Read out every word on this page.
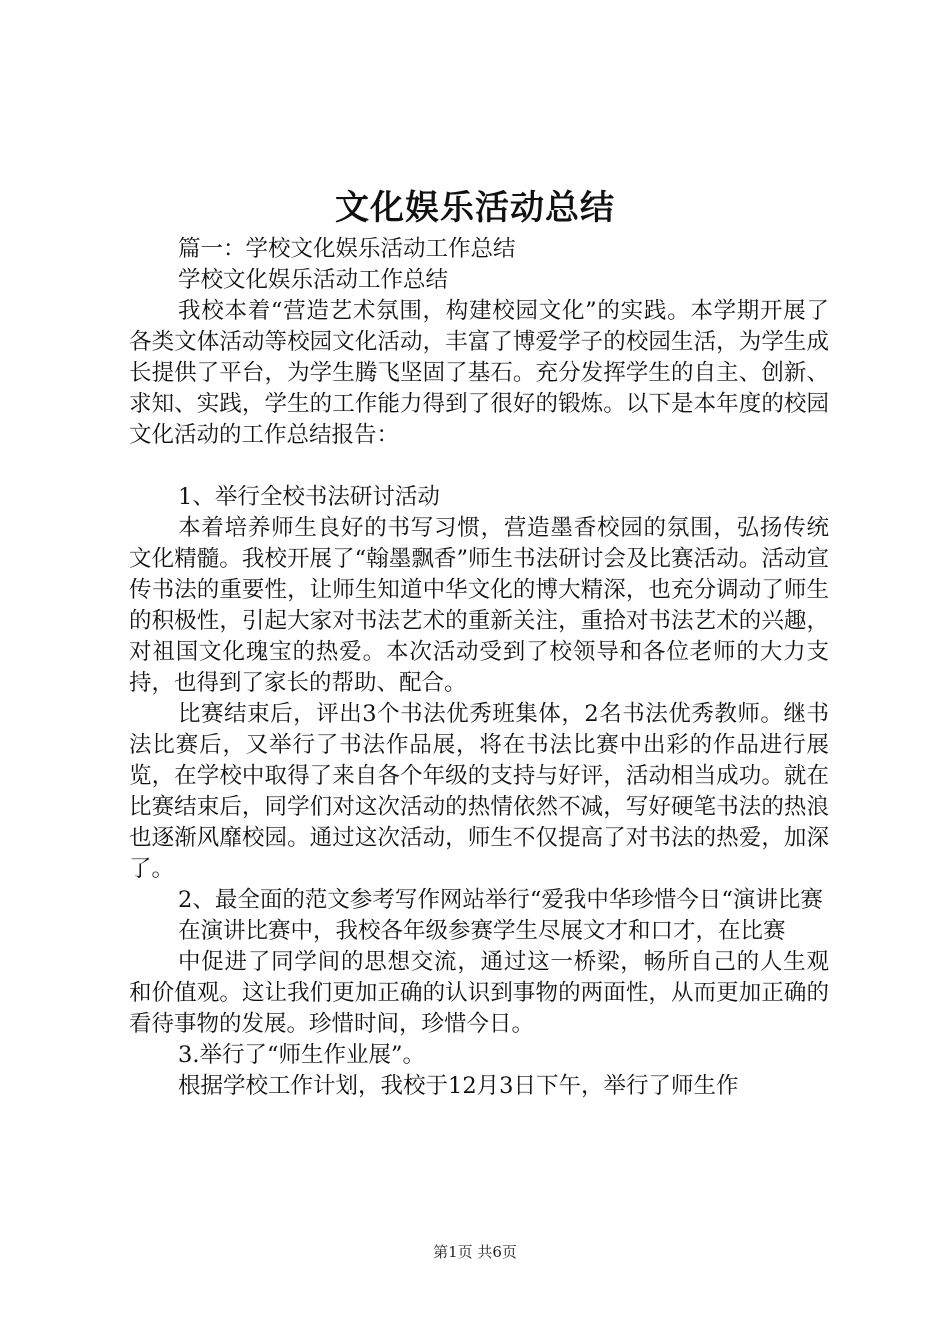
文化娱乐活动总结

篇一：学校文化娱乐活动工作总结

学校文化娱乐活动工作总结

我校本着“营造艺术氛围，构建校园文化”的实践。本学期开展了各类文体活动等校园文化活动，丰富了博爱学子的校园生活，为学生成长提供了平台，为学生腾飞坚固了基石。充分发挥学生的自主、创新、求知、实践，学生的工作能力得到了很好的锻炼。以下是本年度的校园文化活动的工作总结报告：

1、举行全校书法研讨活动

本着培养师生良好的书写习惯，营造墨香校园的氛围，弘扬传统文化精髓。我校开展了“翰墨飘香”师生书法研讨会及比赛活动。活动宣传书法的重要性，让师生知道中华文化的博大精深，也充分调动了师生的积极性，引起大家对书法艺术的重新关注，重拾对书法艺术的兴趣，对祖国文化瑰宝的热爱。本次活动受到了校领导和各位老师的大力支持，也得到了家长的帮助、配合。

比赛结束后，评出3个书法优秀班集体，2名书法优秀教师。继书法比赛后，又举行了书法作品展，将在书法比赛中出彩的作品进行展览，在学校中取得了来自各个年级的支持与好评，活动相当成功。就在比赛结束后，同学们对这次活动的热情依然不减，写好硬笔书法的热浪也逐渐风靡校园。通过这次活动，师生不仅提高了对书法的热爱，加深了。

2、最全面的范文参考写作网站举行“爱我中华珍惜今日“演讲比赛

在演讲比赛中，我校各年级参赛学生尽展文才和口才，在比赛

中促进了同学间的思想交流，通过这一桥梁，畅所自己的人生观和价值观。这让我们更加正确的认识到事物的两面性，从而更加正确的看待事物的发展。珍惜时间，珍惜今日。

3.举行了“师生作业展”。

根据学校工作计划，我校于12月3日下午，举行了师生作

第1页 共6页
